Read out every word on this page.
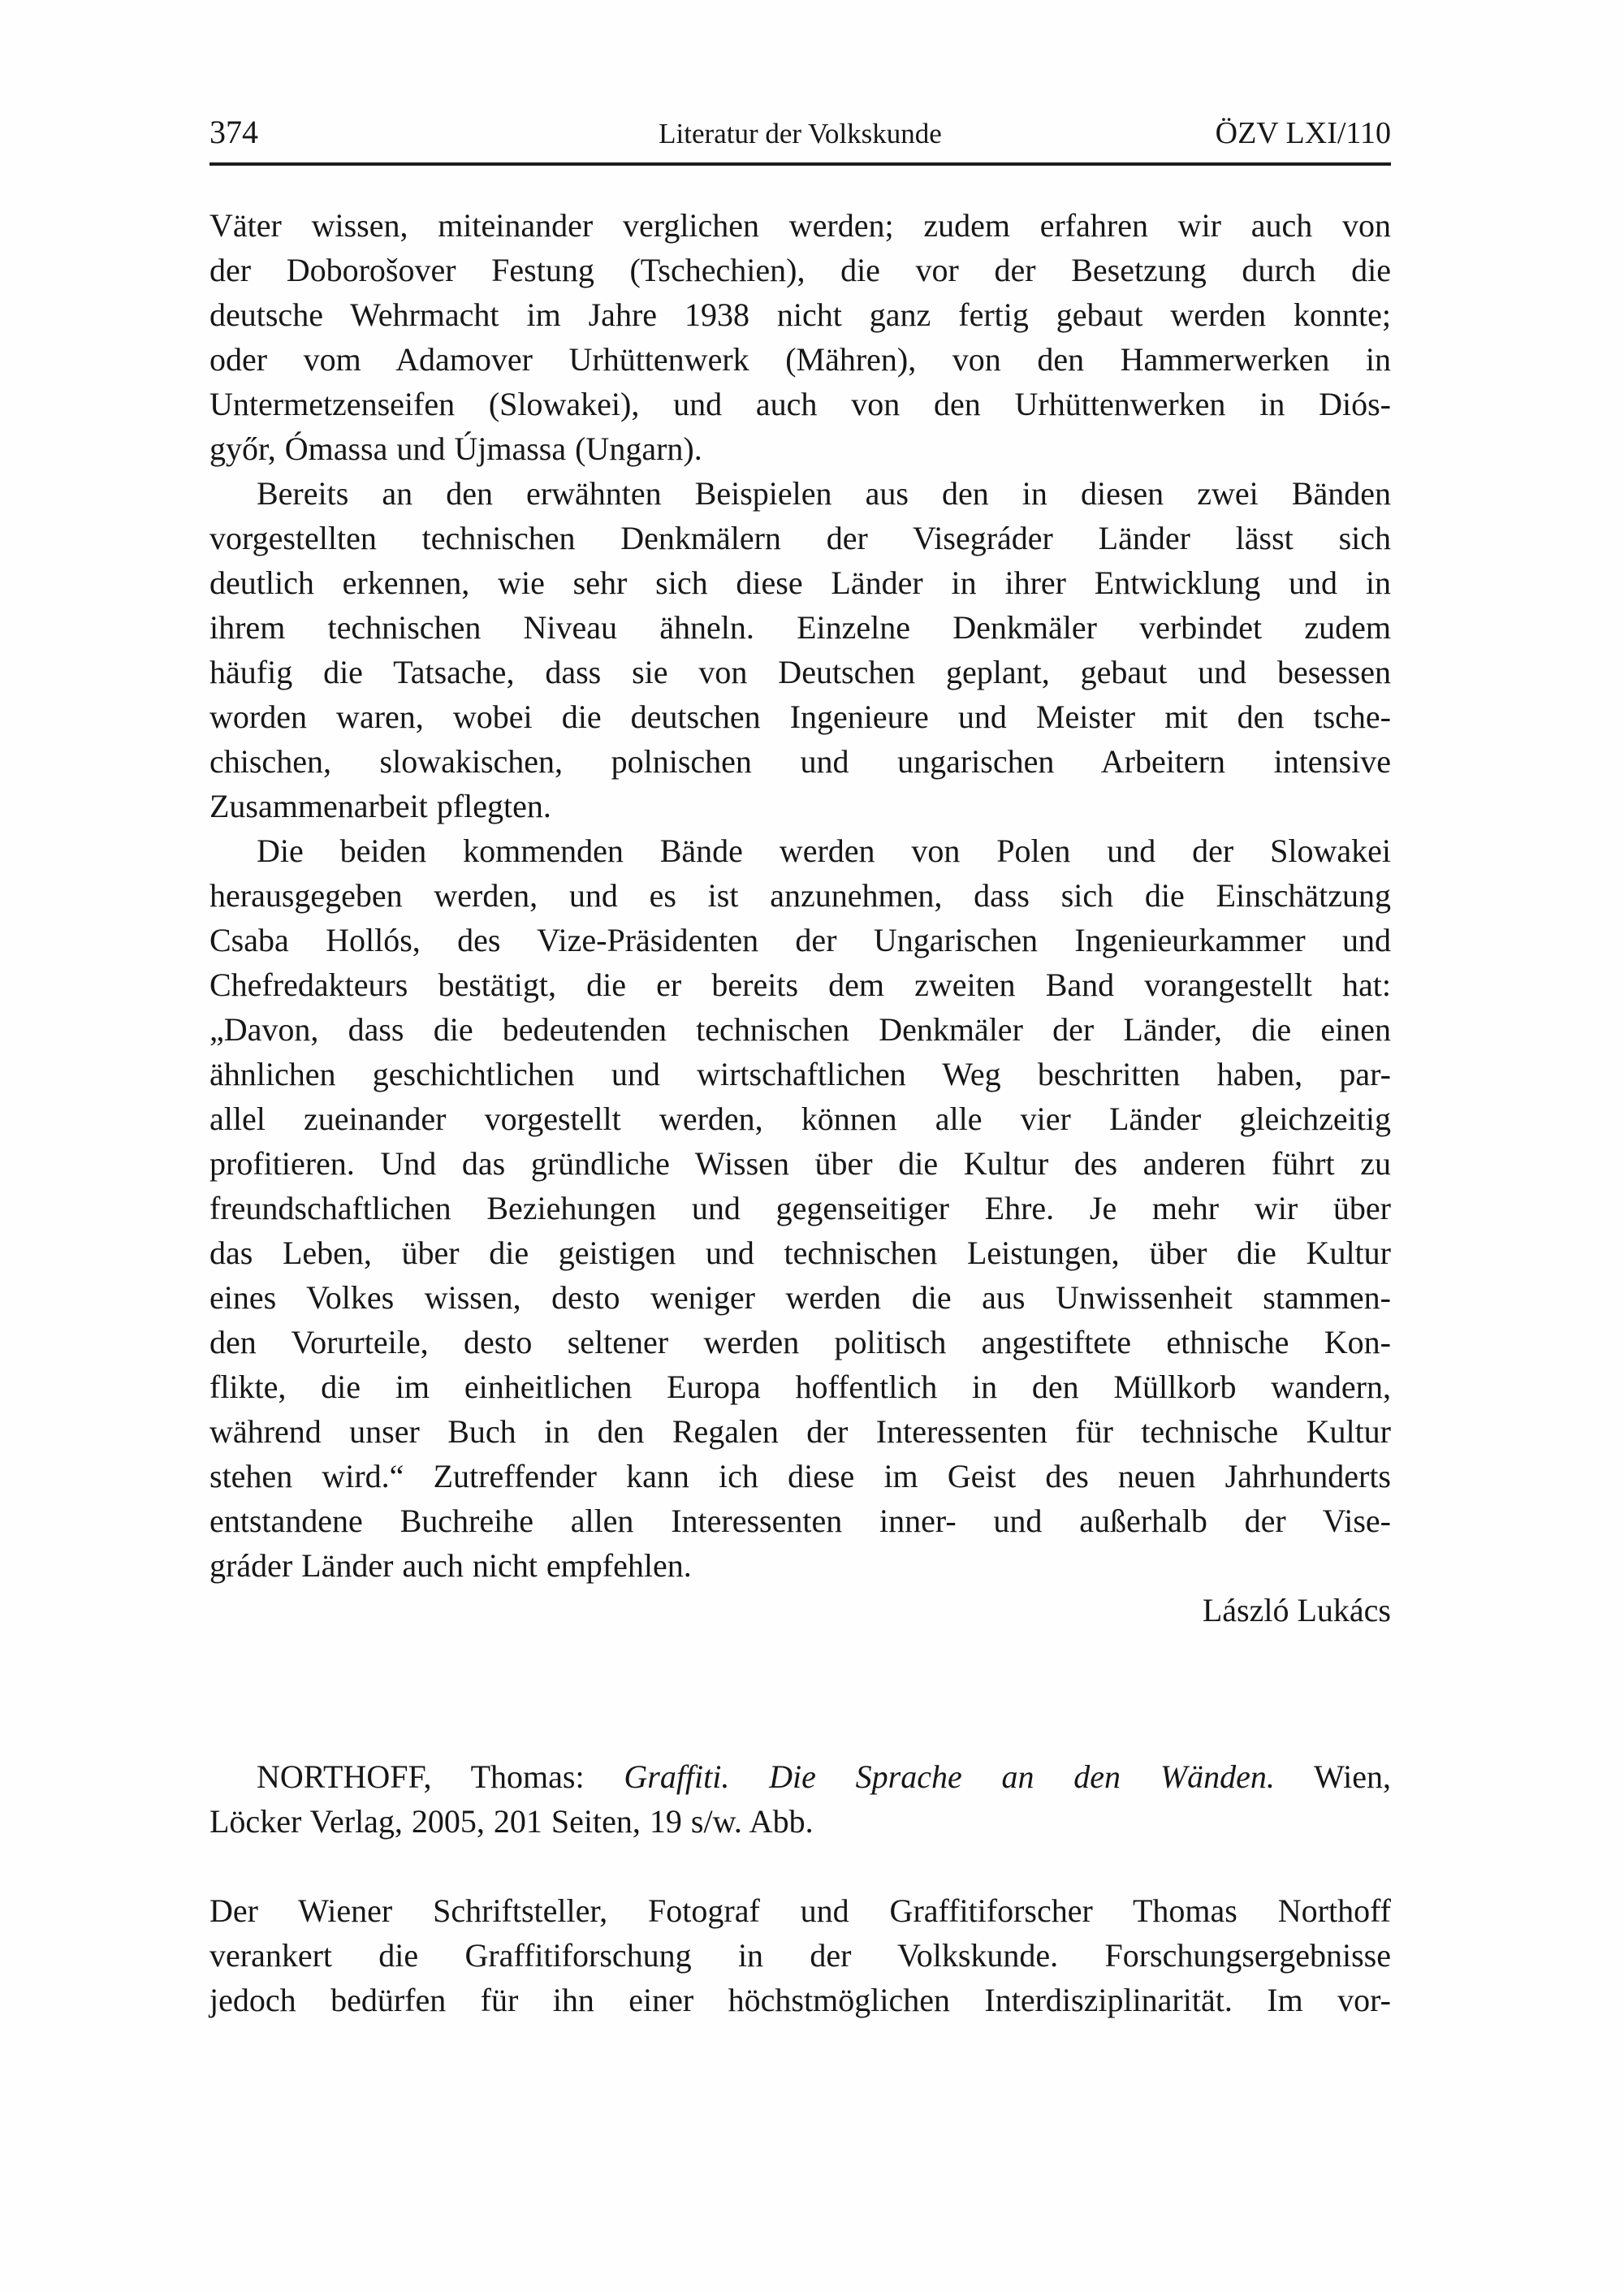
374	Literatur der Volkskunde	ÖZV LXI/110
Väter wissen, miteinander verglichen werden; zudem erfahren wir auch von
der Doborošover Festung (Tschechien), die vor der Besetzung durch die
deutsche Wehrmacht im Jahre 1938 nicht ganz fertig gebaut werden konnte;
oder vom Adamover Urhüttenwerk (Mähren), von den Hammerwerken in
Untermetzenseifen (Slowakei), und auch von den Urhüttenwerken in Diós-
győr, Ómassa und Újmassa (Ungarn).
Bereits an den erwähnten Beispielen aus den in diesen zwei Bänden
vorgestellten technischen Denkmälern der Visegráder Länder lässt sich
deutlich erkennen, wie sehr sich diese Länder in ihrer Entwicklung und in
ihrem technischen Niveau ähneln. Einzelne Denkmäler verbindet zudem
häufig die Tatsache, dass sie von Deutschen geplant, gebaut und besessen
worden waren, wobei die deutschen Ingenieure und Meister mit den tsche-
chischen, slowakischen, polnischen und ungarischen Arbeitern intensive
Zusammenarbeit pflegten.
Die beiden kommenden Bände werden von Polen und der Slowakei
herausgegeben werden, und es ist anzunehmen, dass sich die Einschätzung
Csaba Hollós, des Vize-Präsidenten der Ungarischen Ingenieurkammer und
Chefredakteurs bestätigt, die er bereits dem zweiten Band vorangestellt hat:
„Davon, dass die bedeutenden technischen Denkmäler der Länder, die einen
ähnlichen geschichtlichen und wirtschaftlichen Weg beschritten haben, par-
allel zueinander vorgestellt werden, können alle vier Länder gleichzeitig
profitieren. Und das gründliche Wissen über die Kultur des anderen führt zu
freundschaftlichen Beziehungen und gegenseitiger Ehre. Je mehr wir über
das Leben, über die geistigen und technischen Leistungen, über die Kultur
eines Volkes wissen, desto weniger werden die aus Unwissenheit stammen-
den Vorurteile, desto seltener werden politisch angestiftete ethnische Kon-
flikte, die im einheitlichen Europa hoffentlich in den Müllkorb wandern,
während unser Buch in den Regalen der Interessenten für technische Kultur
stehen wird.“ Zutreffender kann ich diese im Geist des neuen Jahrhunderts
entstandene Buchreihe allen Interessenten inner- und außerhalb der Vise-
gráder Länder auch nicht empfehlen.
László Lukács
NORTHOFF, Thomas: Graffiti. Die Sprache an den Wänden. Wien,
Löcker Verlag, 2005, 201 Seiten, 19 s/w. Abb.
Der Wiener Schriftsteller, Fotograf und Graffitiforscher Thomas Northoff
verankert die Graffitiforschung in der Volkskunde. Forschungsergebnisse
jedoch bedürfen für ihn einer höchstmöglichen Interdisziplinarität. Im vor-
